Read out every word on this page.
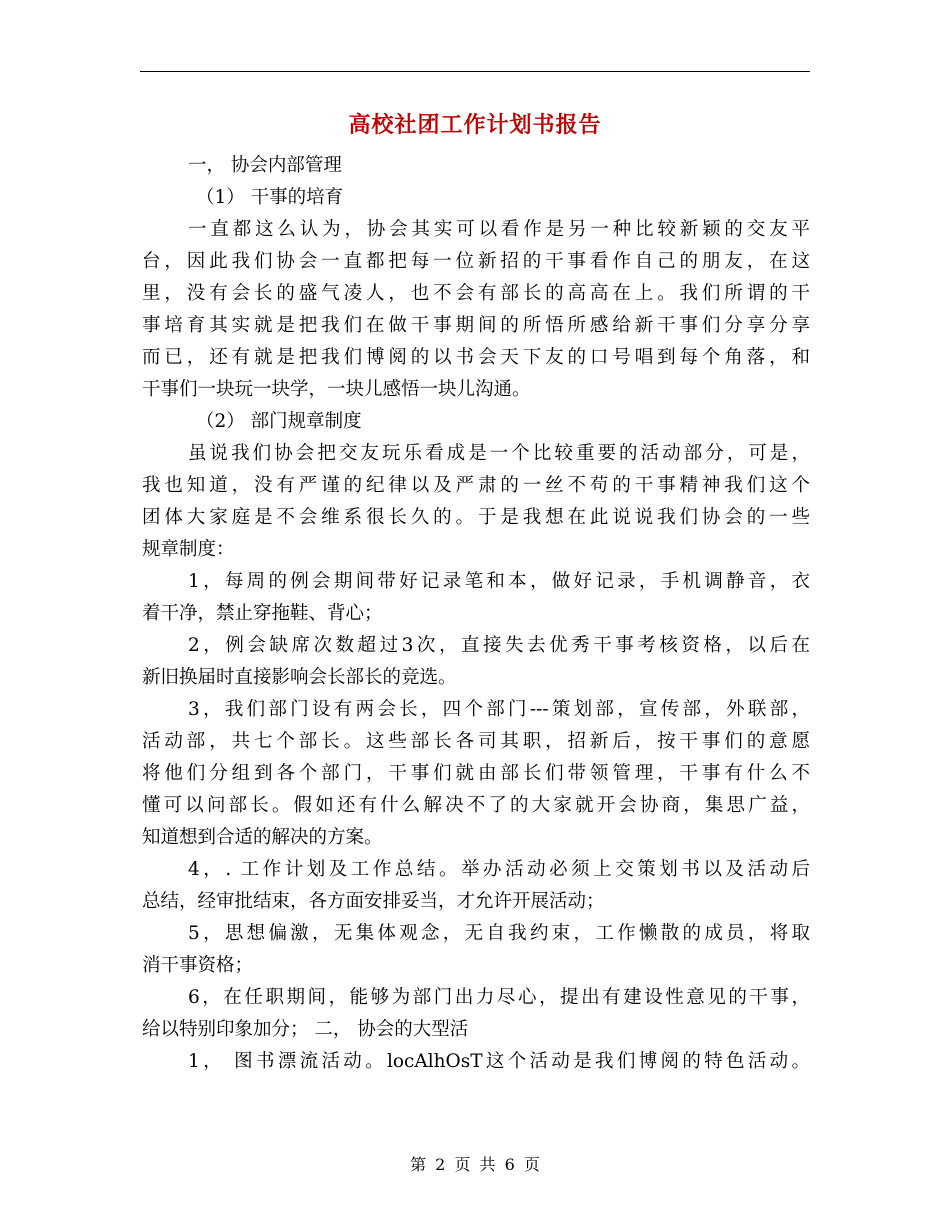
高校社团工作计划书报告
一， 协会内部管理
（1） 干事的培育
一直都这么认为，协会其实可以看作是另一种比较新颖的交友平
台，因此我们协会一直都把每一位新招的干事看作自己的朋友，在这
里，没有会长的盛气凌人，也不会有部长的高高在上。我们所谓的干
事培育其实就是把我们在做干事期间的所悟所感给新干事们分享分享
而已，还有就是把我们博阅的以书会天下友的口号唱到每个角落，和
干事们一块玩一块学，一块儿感悟一块儿沟通。
（2） 部门规章制度
虽说我们协会把交友玩乐看成是一个比较重要的活动部分，可是，
我也知道，没有严谨的纪律以及严肃的一丝不苟的干事精神我们这个
团体大家庭是不会维系很长久的。于是我想在此说说我们协会的一些
规章制度：
1，每周的例会期间带好记录笔和本，做好记录，手机调静音，衣
着干净，禁止穿拖鞋、背心；
2，例会缺席次数超过3次，直接失去优秀干事考核资格，以后在
新旧换届时直接影响会长部长的竞选。
3，我们部门设有两会长，四个部门---策划部，宣传部，外联部，
活动部，共七个部长。这些部长各司其职，招新后，按干事们的意愿
将他们分组到各个部门，干事们就由部长们带领管理，干事有什么不
懂可以问部长。假如还有什么解决不了的大家就开会协商，集思广益，
知道想到合适的解决的方案。
4，. 工作计划及工作总结。举办活动必须上交策划书以及活动后
总结，经审批结束，各方面安排妥当，才允许开展活动；
5，思想偏激，无集体观念，无自我约束，工作懒散的成员，将取
消干事资格；
6，在任职期间，能够为部门出力尽心，提出有建设性意见的干事，
给以特别印象加分； 二， 协会的大型活
1， 图书漂流活动。locAlhOsT这个活动是我们博阅的特色活动。
第 2 页 共 6 页
